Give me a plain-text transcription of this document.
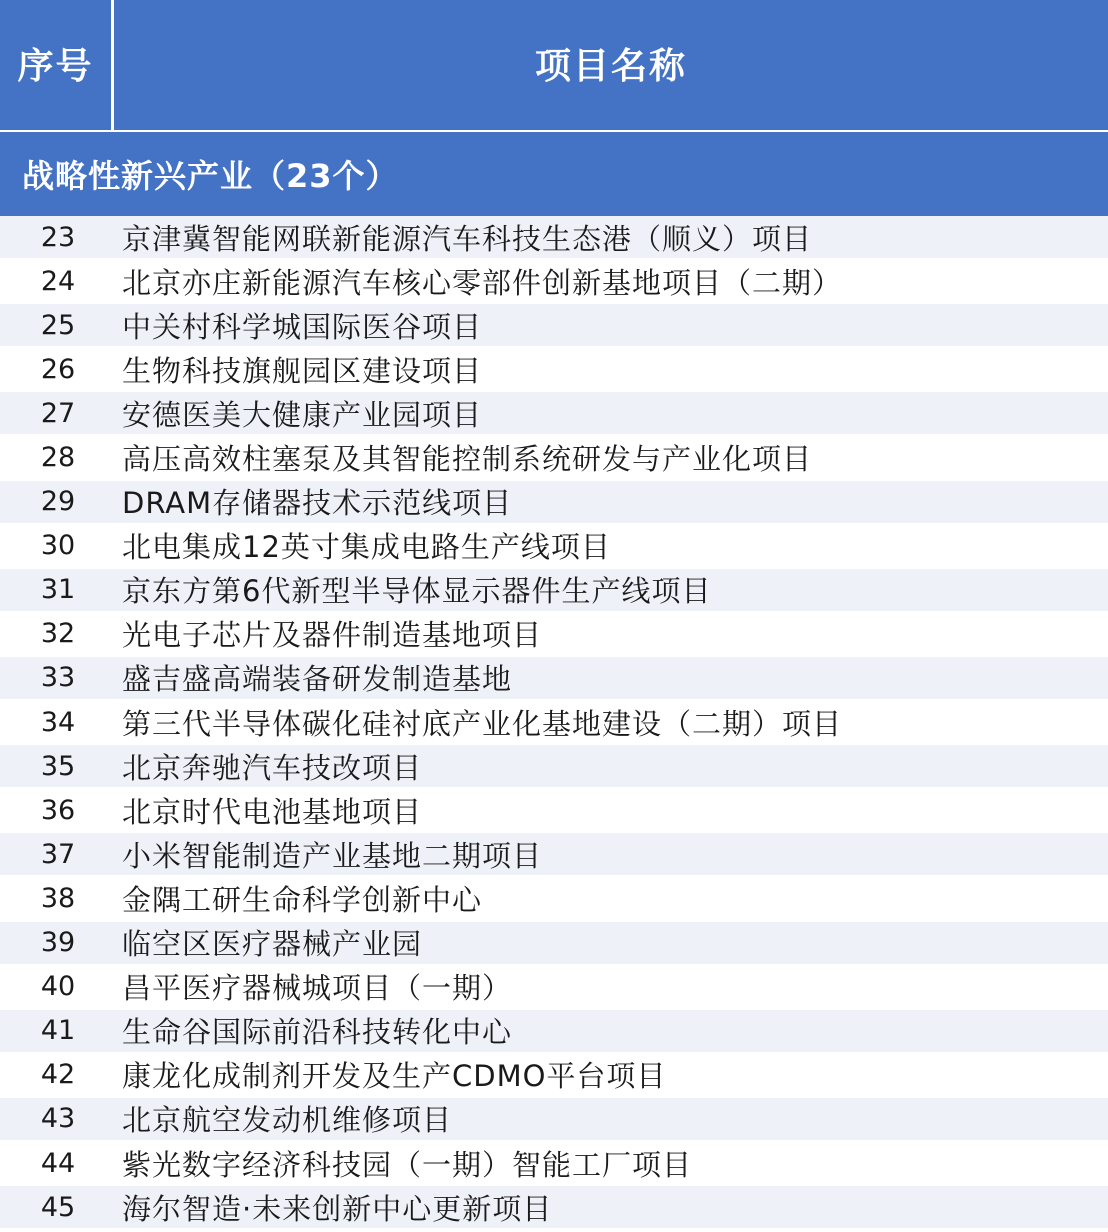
序号	项目名称
战略性新兴产业（23个）
23	京津冀智能网联新能源汽车科技生态港（顺义）项目
24	北京亦庄新能源汽车核心零部件创新基地项目（二期）
25	中关村科学城国际医谷项目
26	生物科技旗舰园区建设项目
27	安德医美大健康产业园项目
28	高压高效柱塞泵及其智能控制系统研发与产业化项目
29	DRAM存储器技术示范线项目
30	北电集成12英寸集成电路生产线项目
31	京东方第6代新型半导体显示器件生产线项目
32	光电子芯片及器件制造基地项目
33	盛吉盛高端装备研发制造基地
34	第三代半导体碳化硅衬底产业化基地建设（二期）项目
35	北京奔驰汽车技改项目
36	北京时代电池基地项目
37	小米智能制造产业基地二期项目
38	金隅工研生命科学创新中心
39	临空区医疗器械产业园
40	昌平医疗器械城项目（一期）
41	生命谷国际前沿科技转化中心
42	康龙化成制剂开发及生产CDMO平台项目
43	北京航空发动机维修项目
44	紫光数字经济科技园（一期）智能工厂项目
45	海尔智造·未来创新中心更新项目
